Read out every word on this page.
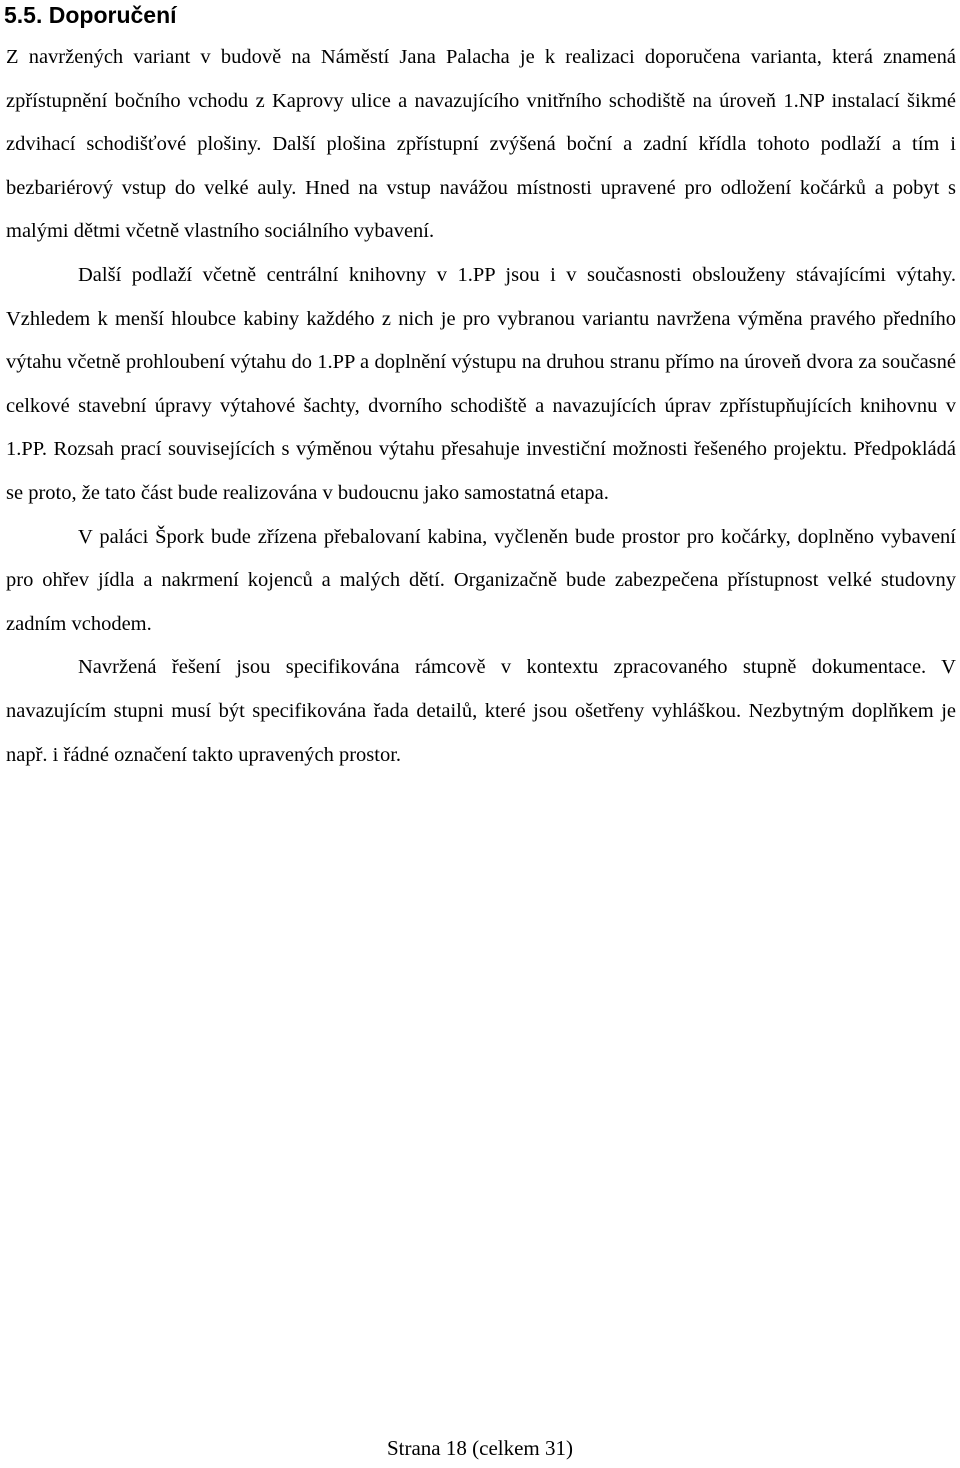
5.5. Doporučení

Z navržených variant v budově na Náměstí Jana Palacha je k realizaci doporučena varianta, která znamená zpřístupnění bočního vchodu z Kaprovy ulice a navazujícího vnitřního schodiště na úroveň 1.NP instalací šikmé zdvihací schodišťové plošiny. Další plošina zpřístupní zvýšená boční a zadní křídla tohoto podlaží a tím i bezbariérový vstup do velké auly. Hned na vstup navážou místnosti upravené pro odložení kočárků a pobyt s malými dětmi včetně vlastního sociálního vybavení.

Další podlaží včetně centrální knihovny v 1.PP jsou i v současnosti obslouženy stávajícími výtahy. Vzhledem k menší hloubce kabiny každého z nich je pro vybranou variantu navržena výměna pravého předního výtahu včetně prohloubení výtahu do 1.PP a doplnění výstupu na druhou stranu přímo na úroveň dvora za současné celkové stavební úpravy výtahové šachty, dvorního schodiště a navazujících úprav zpřístupňujících knihovnu v 1.PP. Rozsah prací souvisejících s výměnou výtahu přesahuje investiční možnosti řešeného projektu. Předpokládá se proto, že tato část bude realizována v budoucnu jako samostatná etapa.

V paláci Špork bude zřízena přebalovaní kabina, vyčleněn bude prostor pro kočárky, doplněno vybavení pro ohřev jídla a nakrmení kojenců a malých dětí. Organizačně bude zabezpečena přístupnost velké studovny zadním vchodem.

Navržená řešení jsou specifikována rámcově v kontextu zpracovaného stupně dokumentace. V navazujícím stupni musí být specifikována řada detailů, které jsou ošetřeny vyhláškou. Nezbytným doplňkem je např. i řádné označení takto upravených prostor.

Strana 18 (celkem 31)
